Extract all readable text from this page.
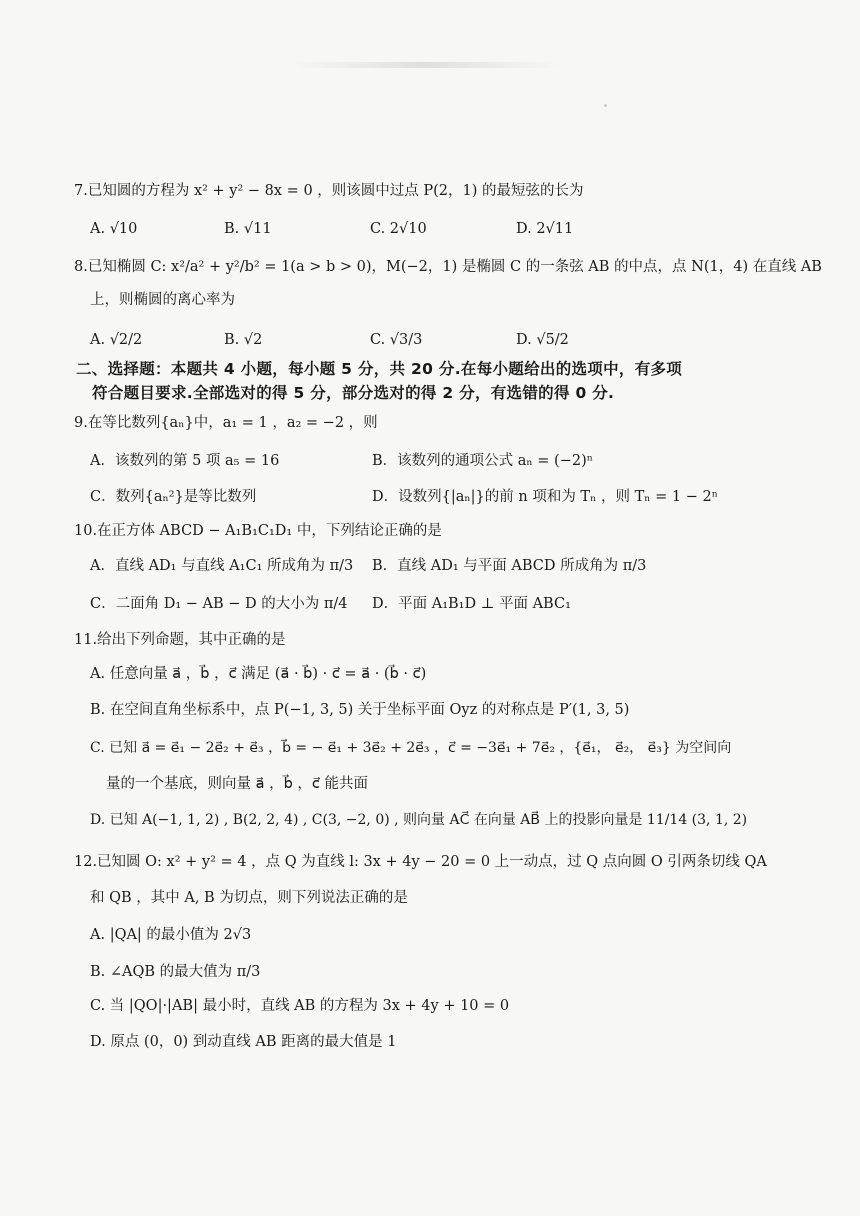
7.已知圆的方程为 x² + y² − 8x = 0 ，则该圆中过点 P(2，1) 的最短弦的长为
A. √10	B. √11	C. 2√10	D. 2√11
8.已知椭圆 C: x²/a² + y²/b² = 1(a > b > 0)，M(−2，1) 是椭圆 C 的一条弦 AB 的中点，点 N(1，4) 在直线 AB
上，则椭圆的离心率为
A. √2/2	B. √2	C. √3/3	D. √5/2
二、选择题：本题共 4 小题，每小题 5 分，共 20 分.在每小题给出的选项中，有多项
符合题目要求.全部选对的得 5 分，部分选对的得 2 分，有选错的得 0 分.
9.在等比数列{aₙ}中，a₁ = 1 ，a₂ = −2 ，则
A．该数列的第 5 项 a₅ = 16	B．该数列的通项公式 aₙ = (−2)ⁿ
C．数列{aₙ²}是等比数列	D．设数列{|aₙ|}的前 n 项和为 Tₙ ，则 Tₙ = 1 − 2ⁿ
10.在正方体 ABCD − A₁B₁C₁D₁ 中，下列结论正确的是
A．直线 AD₁ 与直线 A₁C₁ 所成角为 π/3 B．直线 AD₁ 与平面 ABCD 所成角为 π/3
C．二面角 D₁ − AB − D 的大小为 π/4 D．平面 A₁B₁D ⊥ 平面 ABC₁
11.给出下列命题，其中正确的是
A. 任意向量 a⃗ ，b⃗ ，c⃗ 满足 (a⃗ · b⃗) · c⃗ = a⃗ · (b⃗ · c⃗)
B. 在空间直角坐标系中，点 P(−1, 3, 5) 关于坐标平面 Oyz 的对称点是 P′(1, 3, 5)
C. 已知 a⃗ = e⃗₁ − 2e⃗₂ + e⃗₃ ，b⃗ = − e⃗₁ + 3e⃗₂ + 2e⃗₃ ，c⃗ = −3e⃗₁ + 7e⃗₂ ，{e⃗₁， e⃗₂， e⃗₃} 为空间向
量的一个基底，则向量 a⃗ ，b⃗ ，c⃗ 能共面
D. 已知 A(−1, 1, 2) , B(2, 2, 4) , C(3, −2, 0) , 则向量 AC⃗ 在向量 AB⃗ 上的投影向量是 11/14 (3, 1, 2)
12.已知圆 O: x² + y² = 4 ，点 Q 为直线 l: 3x + 4y − 20 = 0 上一动点，过 Q 点向圆 O 引两条切线 QA
和 QB ，其中 A, B 为切点，则下列说法正确的是
A. |QA| 的最小值为 2√3
B. ∠AQB 的最大值为 π/3
C. 当 |QO|·|AB| 最小时，直线 AB 的方程为 3x + 4y + 10 = 0
D. 原点 (0，0) 到动直线 AB 距离的最大值是 1
